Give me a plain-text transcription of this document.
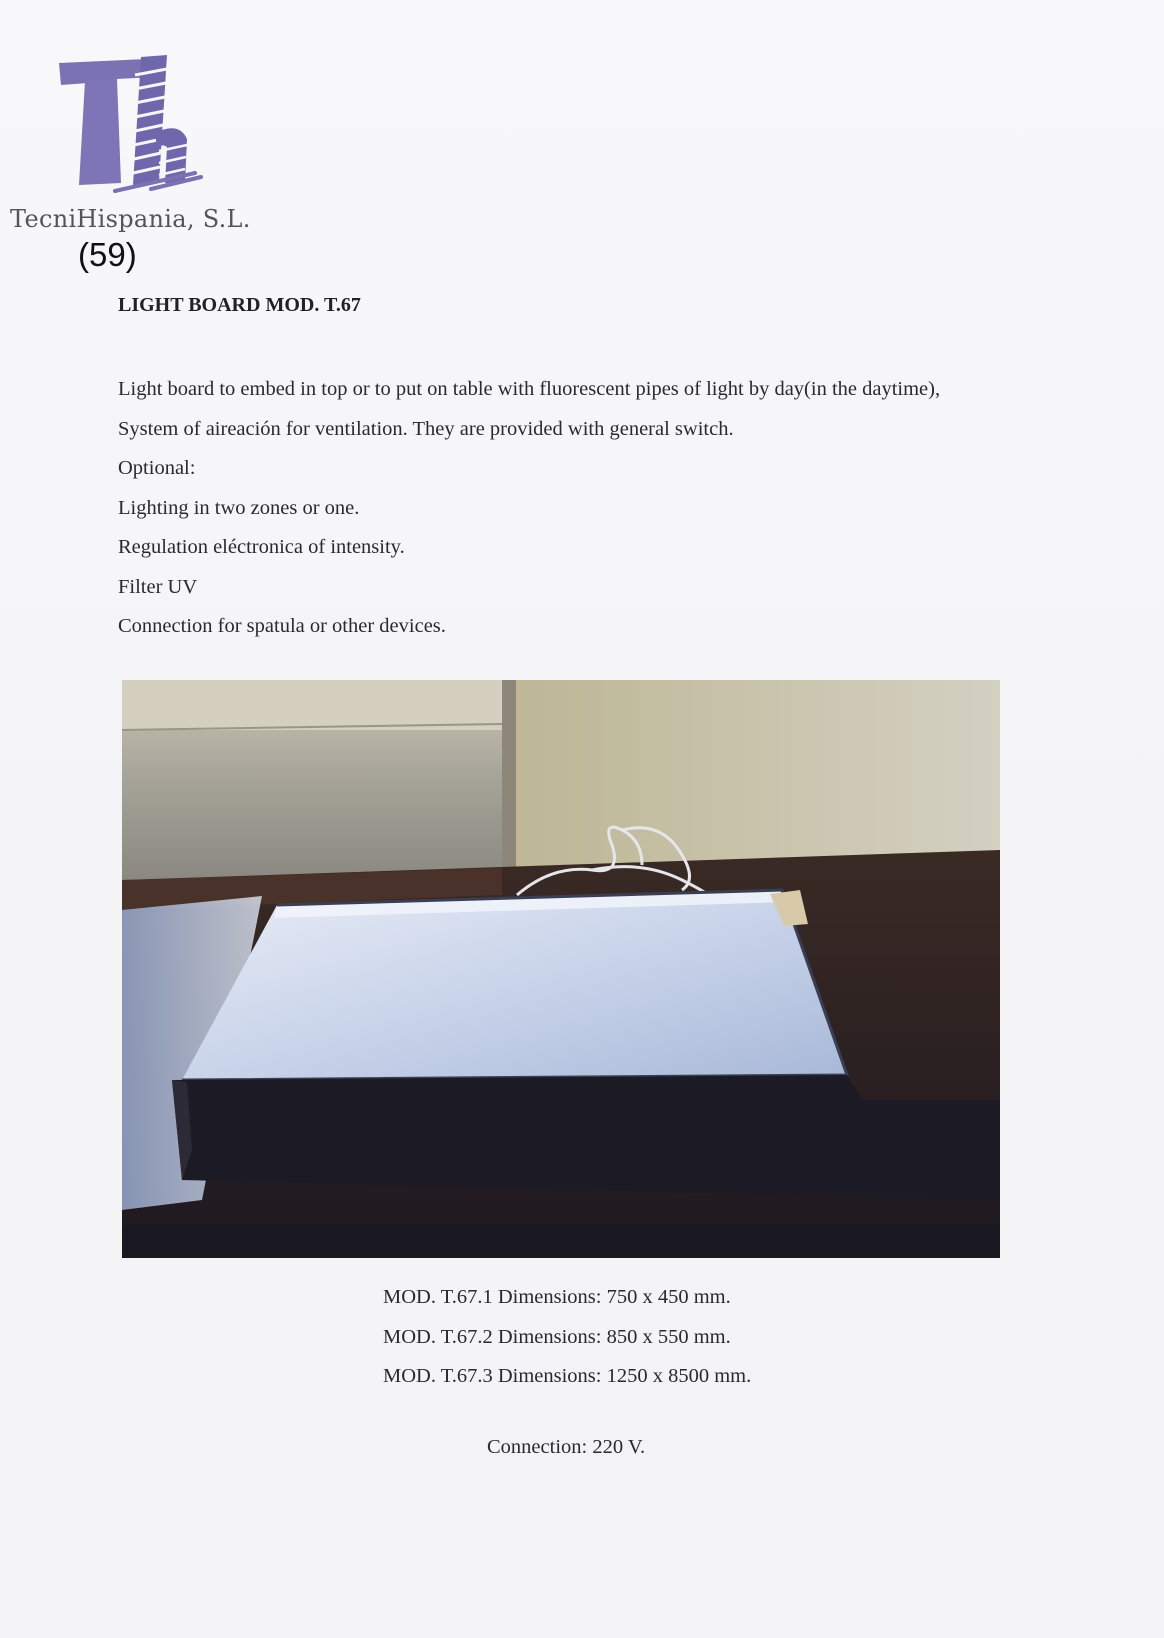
TecniHispania, S.L.
(59)
LIGHT BOARD MOD. T.67
Light board to embed in top or to put on table with fluorescent pipes of light by day(in the daytime),
System of aireación for ventilation. They are provided with general switch.
Optional:
Lighting in two zones or one.
Regulation eléctronica of intensity.
Filter UV
Connection for spatula or other devices.
MOD. T.67.1 Dimensions: 750 x 450 mm.
MOD. T.67.2 Dimensions: 850 x 550 mm.
MOD. T.67.3 Dimensions: 1250 x 8500 mm.
Connection: 220 V.
